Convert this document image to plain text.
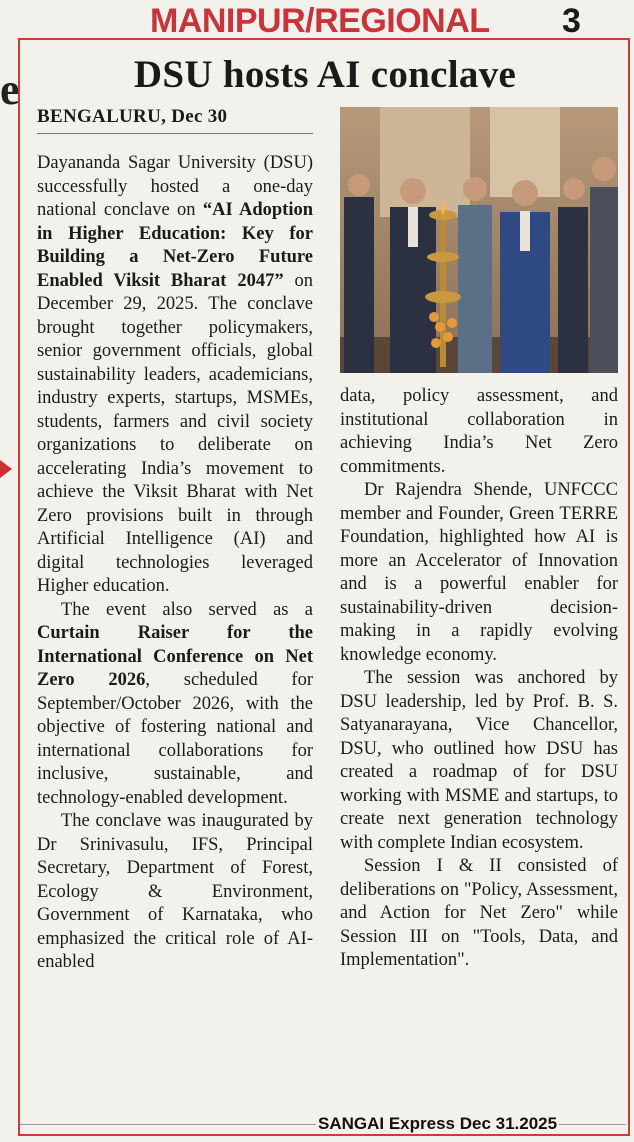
MANIPUR/REGIONAL 3
e	DSU hosts AI conclave
BENGALURU, Dec 30

Dayananda Sagar University (DSU) successfully hosted a one-day national conclave on “AI Adoption in Higher Education: Key for Building a Net-Zero Future Enabled Viksit Bharat 2047” on December 29, 2025. The conclave brought together policymakers, senior government officials, global sustainability leaders, academicians, industry experts, startups, MSMEs, students, farmers and civil society organizations to deliberate on accelerating India’s movement to achieve the Viksit Bharat with Net Zero provisions built in through Artificial Intelligence (AI) and digital technologies leveraged Higher education.

The event also served as a Curtain Raiser for the International Conference on Net Zero 2026, scheduled for September/October 2026, with the objective of fostering national and international collaborations for inclusive, sustainable, and technology-enabled development.

The conclave was inaugurated by Dr Srinivasulu, IFS, Principal Secretary, Department of Forest, Ecology & Environment, Government of Karnataka, who emphasized the critical role of AI-enabled

data, policy assessment, and institutional collaboration in achieving India’s Net Zero commitments.

Dr Rajendra Shende, UNFCCC member and Founder, Green TERRE Foundation, highlighted how AI is more an Accelerator of Innovation and is a powerful enabler for sustainability-driven decision-making in a rapidly evolving knowledge economy.

The session was anchored by DSU leadership, led by Prof. B. S. Satyanarayana, Vice Chancellor, DSU, who outlined how DSU has created a roadmap of for DSU working with MSME and startups, to create next generation technology with complete Indian ecosystem.

Session I & II consisted of deliberations on "Policy, Assessment, and Action for Net Zero" while Session III on "Tools, Data, and Implementation".

SANGAI Express Dec 31.2025
